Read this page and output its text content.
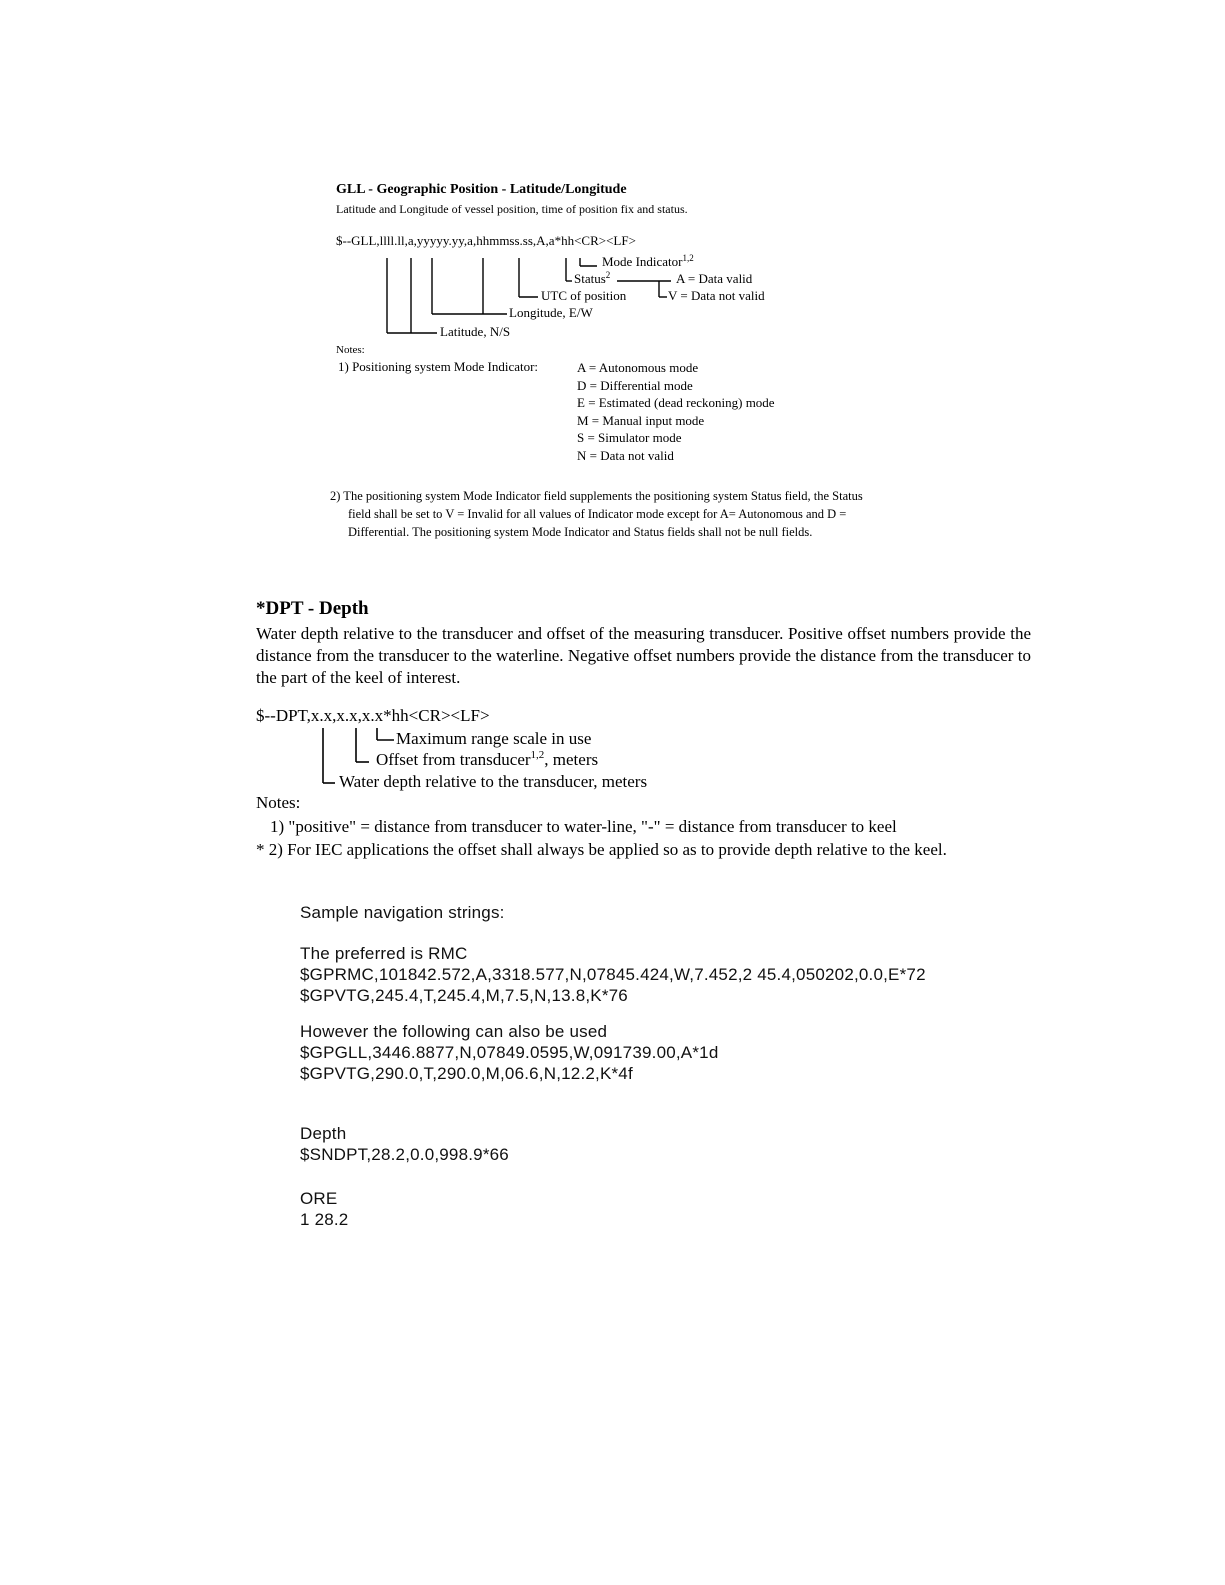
GLL - Geographic Position - Latitude/Longitude
Latitude and Longitude of vessel position, time of position fix and status.
$--GLL,llll.ll,a,yyyyy.yy,a,hhmmss.ss,A,a*hh<CR><LF>
Mode Indicator$^{1,2}$
Status$^2$	A = Data valid
UTC of position	V = Data not valid
Longitude, E/W
Latitude, N/S
Notes:
1) Positioning system Mode Indicator:	A = Autonomous mode
D = Differential mode
E = Estimated (dead reckoning) mode
M = Manual input mode
S = Simulator mode
N = Data not valid
2) The positioning system Mode Indicator field supplements the positioning system Status field, the Status
field shall be set to V = Invalid for all values of Indicator mode except for A= Autonomous and D =
Differential. The positioning system Mode Indicator and Status fields shall not be null fields.
*DPT - Depth
Water depth relative to the transducer and offset of the measuring transducer. Positive offset numbers provide the distance from the transducer to the waterline. Negative offset numbers provide the distance from the transducer to the part of the keel of interest.
$--DPT,x.x,x.x,x.x*hh<CR><LF>
Maximum range scale in use
Offset from transducer$^{1,2}$, meters
Water depth relative to the transducer, meters
Notes:
1) "positive" = distance from transducer to water-line, "-" = distance from transducer to keel
* 2) For IEC applications the offset shall always be applied so as to provide depth relative to the keel.
Sample navigation strings:
The preferred is RMC
$GPRMC,101842.572,A,3318.577,N,07845.424,W,7.452,2 45.4,050202,0.0,E*72
$GPVTG,245.4,T,245.4,M,7.5,N,13.8,K*76
However the following can also be used
$GPGLL,3446.8877,N,07849.0595,W,091739.00,A*1d
$GPVTG,290.0,T,290.0,M,06.6,N,12.2,K*4f
Depth
$SNDPT,28.2,0.0,998.9*66
ORE
1 28.2
